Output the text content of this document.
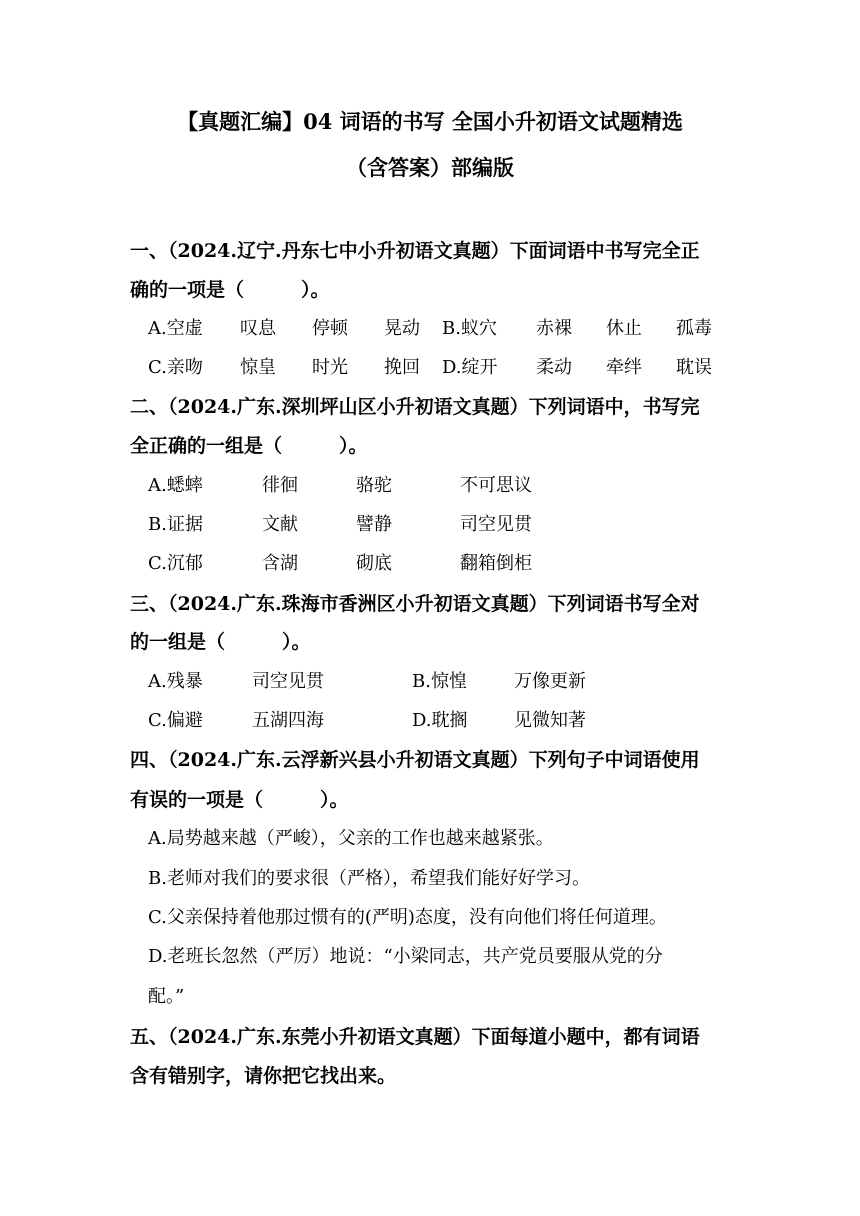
【真题汇编】04 词语的书写 全国小升初语文试题精选
（含答案）部编版
一、（2024.辽宁.丹东七中小升初语文真题）下面词语中书写完全正
确的一项是（　　　）。
A.空虚 叹息 停顿 晃动 B.蚁穴 赤裸 休止 孤毒
C.亲吻 惊皇 时光 挽回 D.绽开 柔动 牵绊 耽误
二、（2024.广东.深圳坪山区小升初语文真题）下列词语中，书写完
全正确的一组是（　　　）。
A.蟋蟀	徘徊	骆驼	不可思议
B.证据	文献	譬静	司空见贯
C.沉郁	含湖	砌底	翻箱倒柜
三、（2024.广东.珠海市香洲区小升初语文真题）下列词语书写全对
的一组是（　　　）。
A.残暴	司空见贯	B.惊惶	万像更新
C.偏避	五湖四海	D.耽搁	见微知著
四、（2024.广东.云浮新兴县小升初语文真题）下列句子中词语使用
有误的一项是（　　　）。
A.局势越来越（严峻），父亲的工作也越来越紧张。
B.老师对我们的要求很（严格），希望我们能好好学习。
C.父亲保持着他那过惯有的(严明)态度，没有向他们将任何道理。
D.老班长忽然（严厉）地说：“小梁同志，共产党员要服从党的分
配。”
五、（2024.广东.东莞小升初语文真题）下面每道小题中，都有词语
含有错别字，请你把它找出来。
